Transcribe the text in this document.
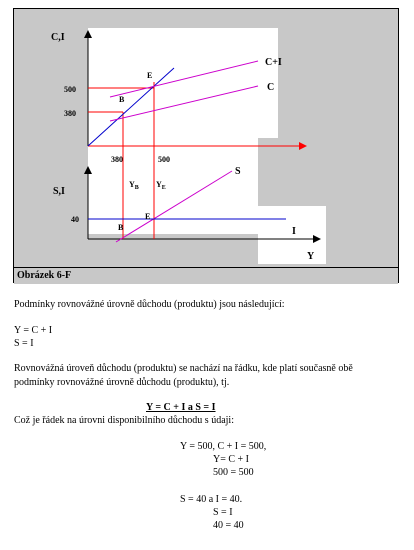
C,I
C+I
C
500
380
E
B
380	500
S,I
S
40
I
E
B
$Y_B$ $Y_E$
Y
Obrázek 6-F
Podmínky rovnovážné úrovně důchodu (produktu) jsou následující:
Y = C + I
S = I
Rovnovážná úroveň důchodu (produktu) se nachází na řádku, kde platí současně obě
podmínky rovnovážné úrovně důchodu (produktu), tj.
Y = C + I a S = I
Což je řádek na úrovni disponibilního důchodu s údaji:
Y = 500, C + I = 500,
Y= C + I
500 = 500
S = 40 a I = 40.
S = I
40 = 40
